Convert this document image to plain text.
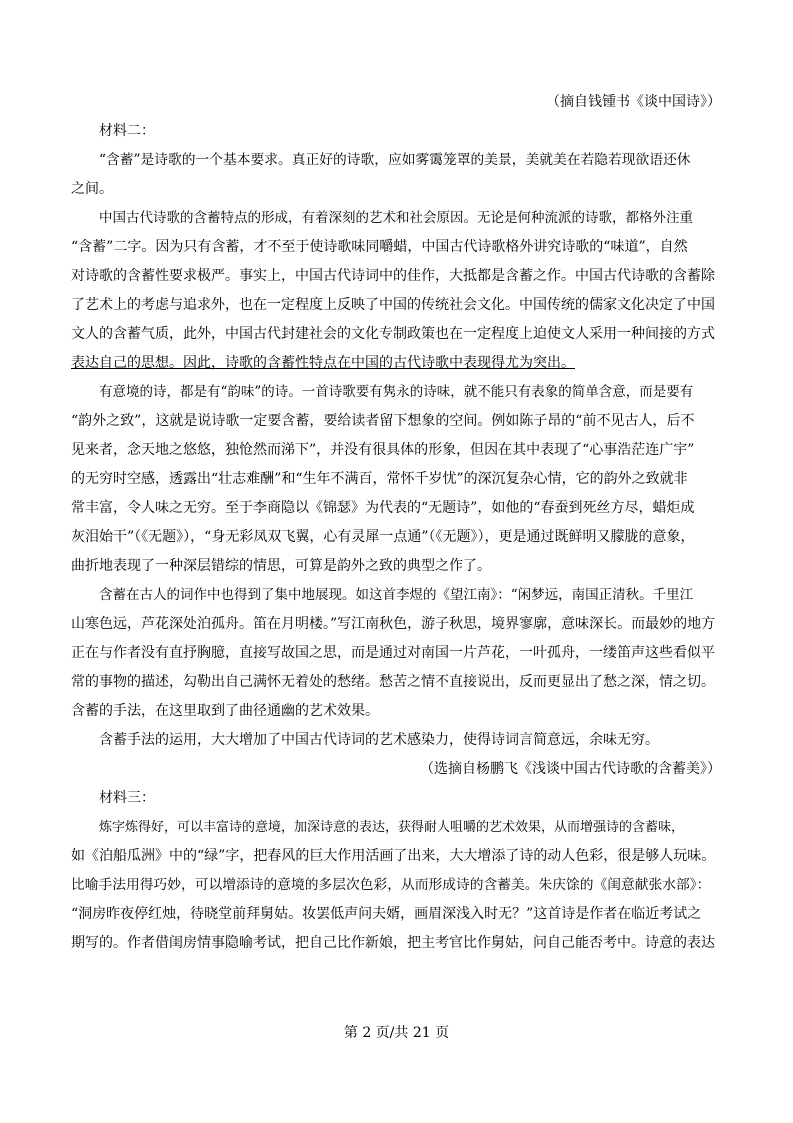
（摘自钱锺书《谈中国诗》）
材料二：
“含蓄”是诗歌的一个基本要求。真正好的诗歌，应如雾霭笼罩的美景，美就美在若隐若现欲语还休
之间。
中国古代诗歌的含蓄特点的形成，有着深刻的艺术和社会原因。无论是何种流派的诗歌，都格外注重
“含蓄”二字。因为只有含蓄，才不至于使诗歌味同嚼蜡，中国古代诗歌格外讲究诗歌的“味道”，自然
对诗歌的含蓄性要求极严。事实上，中国古代诗词中的佳作，大抵都是含蓄之作。中国古代诗歌的含蓄除
了艺术上的考虑与追求外，也在一定程度上反映了中国的传统社会文化。中国传统的儒家文化决定了中国
文人的含蓄气质，此外，中国古代封建社会的文化专制政策也在一定程度上迫使文人采用一种间接的方式
表达自己的思想。因此，诗歌的含蓄性特点在中国的古代诗歌中表现得尤为突出。
有意境的诗，都是有“韵味”的诗。一首诗歌要有隽永的诗味，就不能只有表象的简单含意，而是要有
“韵外之致”，这就是说诗歌一定要含蓄，要给读者留下想象的空间。例如陈子昂的“前不见古人，后不
见来者，念天地之悠悠，独怆然而涕下”，并没有很具体的形象，但因在其中表现了“心事浩茫连广宇”
的无穷时空感，透露出“壮志难酬”和“生年不满百，常怀千岁忧”的深沉复杂心情，它的韵外之致就非
常丰富，令人味之无穷。至于李商隐以《锦瑟》为代表的“无题诗”，如他的“春蚕到死丝方尽，蜡炬成
灰泪始干”（《无题》），“身无彩凤双飞翼，心有灵犀一点通”（《无题》），更是通过既鲜明又朦胧的意象，
曲折地表现了一种深层错综的情思，可算是韵外之致的典型之作了。
含蓄在古人的词作中也得到了集中地展现。如这首李煜的《望江南》：“闲梦远，南国正清秋。千里江
山寒色远，芦花深处泊孤舟。笛在月明楼。”写江南秋色，游子秋思，境界寥廓，意味深长。而最妙的地方
正在与作者没有直抒胸臆，直接写故国之思，而是通过对南国一片芦花，一叶孤舟，一缕笛声这些看似平
常的事物的描述，勾勒出自己满怀无着处的愁绪。愁苦之情不直接说出，反而更显出了愁之深，情之切。
含蓄的手法，在这里取到了曲径通幽的艺术效果。
含蓄手法的运用，大大增加了中国古代诗词的艺术感染力，使得诗词言简意远，余味无穷。
（选摘自杨鹏飞《浅谈中国古代诗歌的含蓄美》）
材料三：
炼字炼得好，可以丰富诗的意境，加深诗意的表达，获得耐人咀嚼的艺术效果，从而增强诗的含蓄味，
如《泊船瓜洲》中的“绿”字，把春风的巨大作用活画了出来，大大增添了诗的动人色彩，很是够人玩味。
比喻手法用得巧妙，可以增添诗的意境的多层次色彩，从而形成诗的含蓄美。朱庆馀的《闺意献张水部》：
“洞房昨夜停红烛，待晓堂前拜舅姑。妆罢低声问夫婿，画眉深浅入时无？”这首诗是作者在临近考试之
期写的。作者借闺房情事隐喻考试，把自己比作新娘，把主考官比作舅姑，问自己能否考中。诗意的表达
第 2 页/共 21 页
